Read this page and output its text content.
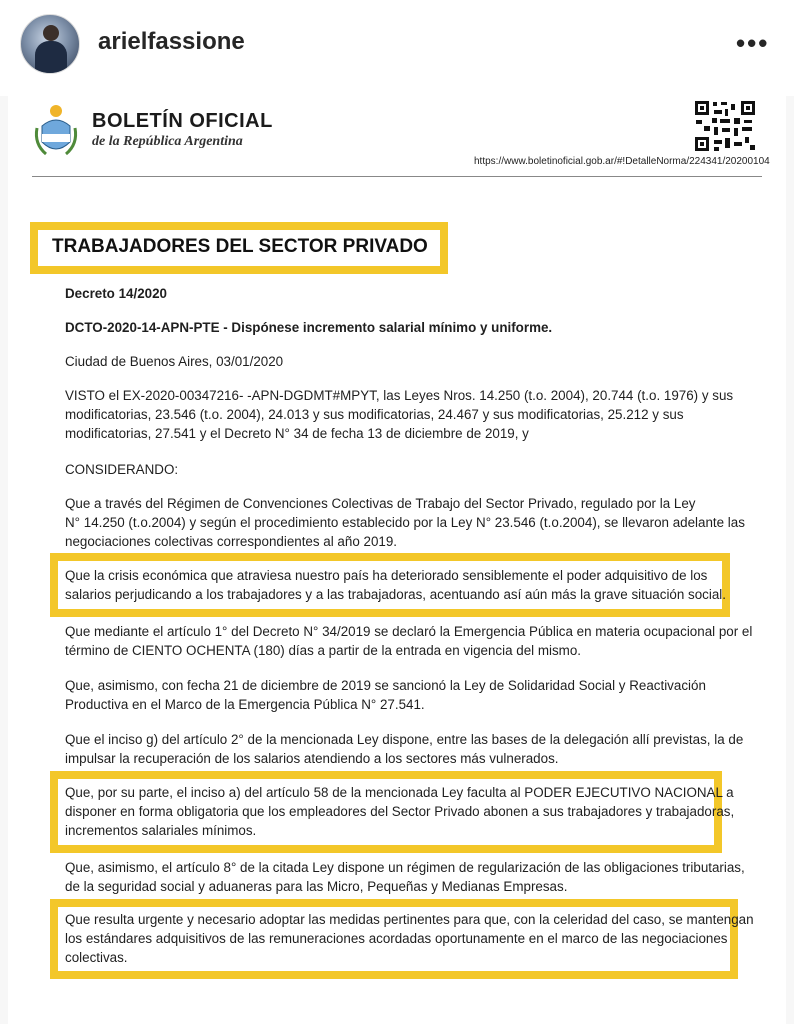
arielfassione	•••
BOLETÍN OFICIAL
de la República Argentina
https://www.boletinoficial.gob.ar/#!DetalleNorma/224341/20200104
TRABAJADORES DEL SECTOR PRIVADO
Decreto 14/2020
DCTO-2020-14-APN-PTE - Dispónese incremento salarial mínimo y uniforme.
Ciudad de Buenos Aires, 03/01/2020
VISTO el EX-2020-00347216- -APN-DGDMT#MPYT, las Leyes Nros. 14.250 (t.o. 2004), 20.744 (t.o. 1976) y sus
modificatorias, 23.546 (t.o. 2004), 24.013 y sus modificatorias, 24.467 y sus modificatorias, 25.212 y sus
modificatorias, 27.541 y el Decreto N° 34 de fecha 13 de diciembre de 2019, y
CONSIDERANDO:
Que a través del Régimen de Convenciones Colectivas de Trabajo del Sector Privado, regulado por la Ley
N° 14.250 (t.o.2004) y según el procedimiento establecido por la Ley N° 23.546 (t.o.2004), se llevaron adelante las
negociaciones colectivas correspondientes al año 2019.
Que la crisis económica que atraviesa nuestro país ha deteriorado sensiblemente el poder adquisitivo de los
salarios perjudicando a los trabajadores y a las trabajadoras, acentuando así aún más la grave situación social.
Que mediante el artículo 1° del Decreto N° 34/2019 se declaró la Emergencia Pública en materia ocupacional por el
término de CIENTO OCHENTA (180) días a partir de la entrada en vigencia del mismo.
Que, asimismo, con fecha 21 de diciembre de 2019 se sancionó la Ley de Solidaridad Social y Reactivación
Productiva en el Marco de la Emergencia Pública N° 27.541.
Que el inciso g) del artículo 2° de la mencionada Ley dispone, entre las bases de la delegación allí previstas, la de
impulsar la recuperación de los salarios atendiendo a los sectores más vulnerados.
Que, por su parte, el inciso a) del artículo 58 de la mencionada Ley faculta al PODER EJECUTIVO NACIONAL a
disponer en forma obligatoria que los empleadores del Sector Privado abonen a sus trabajadores y trabajadoras,
incrementos salariales mínimos.
Que, asimismo, el artículo 8° de la citada Ley dispone un régimen de regularización de las obligaciones tributarias,
de la seguridad social y aduaneras para las Micro, Pequeñas y Medianas Empresas.
Que resulta urgente y necesario adoptar las medidas pertinentes para que, con la celeridad del caso, se mantengan
los estándares adquisitivos de las remuneraciones acordadas oportunamente en el marco de las negociaciones
colectivas.
